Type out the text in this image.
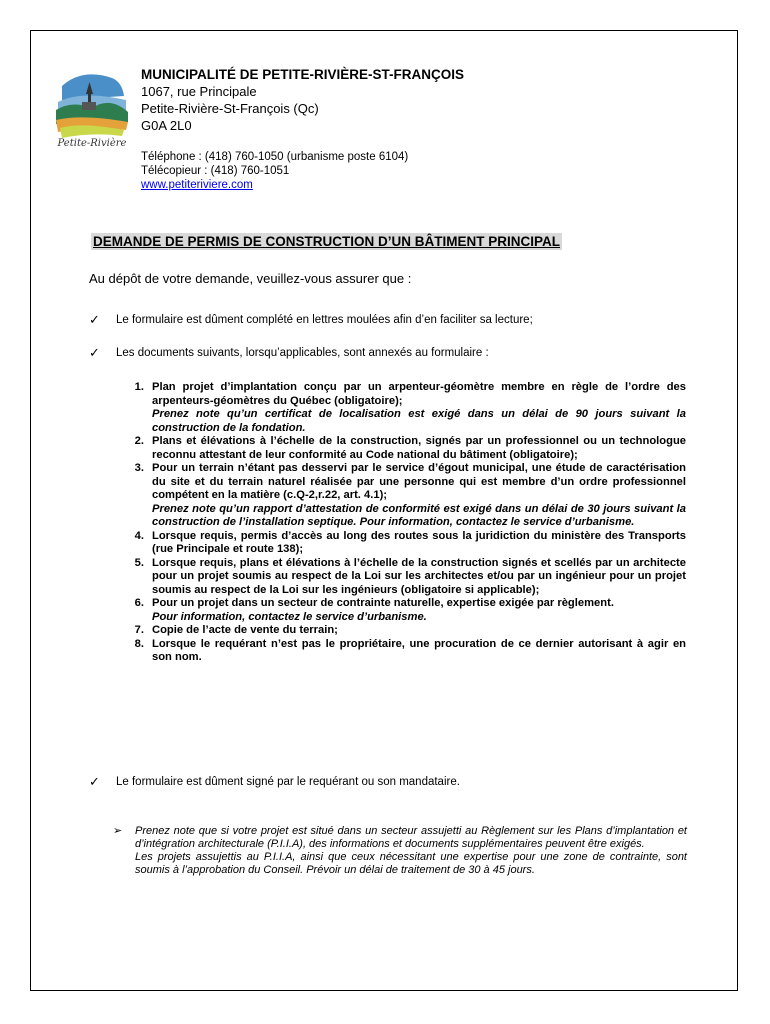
Petite-Rivière
MUNICIPALITÉ DE PETITE-RIVIÈRE-ST-FRANÇOIS
1067, rue Principale
Petite-Rivière-St-François (Qc)
G0A 2L0
Téléphone : (418) 760-1050 (urbanisme poste 6104)
Télécopieur : (418) 760-1051
www.petiteriviere.com
DEMANDE DE PERMIS DE CONSTRUCTION D’UN BÂTIMENT PRINCIPAL
Au dépôt de votre demande, veuillez-vous assurer que :
✓	Le formulaire est dûment complété en lettres moulées afin d’en faciliter sa lecture;
✓	Les documents suivants, lorsqu’applicables, sont annexés au formulaire :
1. Plan projet d’implantation conçu par un arpenteur-géomètre membre en règle de l’ordre des arpenteurs-géomètres du Québec (obligatoire);
Prenez note qu’un certificat de localisation est exigé dans un délai de 90 jours suivant la construction de la fondation.
2. Plans et élévations à l’échelle de la construction, signés par un professionnel ou un technologue reconnu attestant de leur conformité au Code national du bâtiment (obligatoire);
3. Pour un terrain n’étant pas desservi par le service d’égout municipal, une étude de caractérisation du site et du terrain naturel réalisée par une personne qui est membre d’un ordre professionnel compétent en la matière (c.Q-2,r.22, art. 4.1);
Prenez note qu’un rapport d’attestation de conformité est exigé dans un délai de 30 jours suivant la construction de l’installation septique. Pour information, contactez le service d’urbanisme.
4. Lorsque requis, permis d’accès au long des routes sous la juridiction du ministère des Transports (rue Principale et route 138);
5. Lorsque requis, plans et élévations à l’échelle de la construction signés et scellés par un architecte pour un projet soumis au respect de la Loi sur les architectes et/ou par un ingénieur pour un projet soumis au respect de la Loi sur les ingénieurs (obligatoire si applicable);
6. Pour un projet dans un secteur de contrainte naturelle, expertise exigée par règlement.
Pour information, contactez le service d’urbanisme.
7. Copie de l’acte de vente du terrain;
8. Lorsque le requérant n’est pas le propriétaire, une procuration de ce dernier autorisant à agir en son nom.
✓	Le formulaire est dûment signé par le requérant ou son mandataire.
➢	Prenez note que si votre projet est situé dans un secteur assujetti au Règlement sur les Plans d’implantation et d’intégration architecturale (P.I.I.A), des informations et documents supplémentaires peuvent être exigés.
Les projets assujettis au P.I.I.A, ainsi que ceux nécessitant une expertise pour une zone de contrainte, sont soumis à l’approbation du Conseil. Prévoir un délai de traitement de 30 à 45 jours.
